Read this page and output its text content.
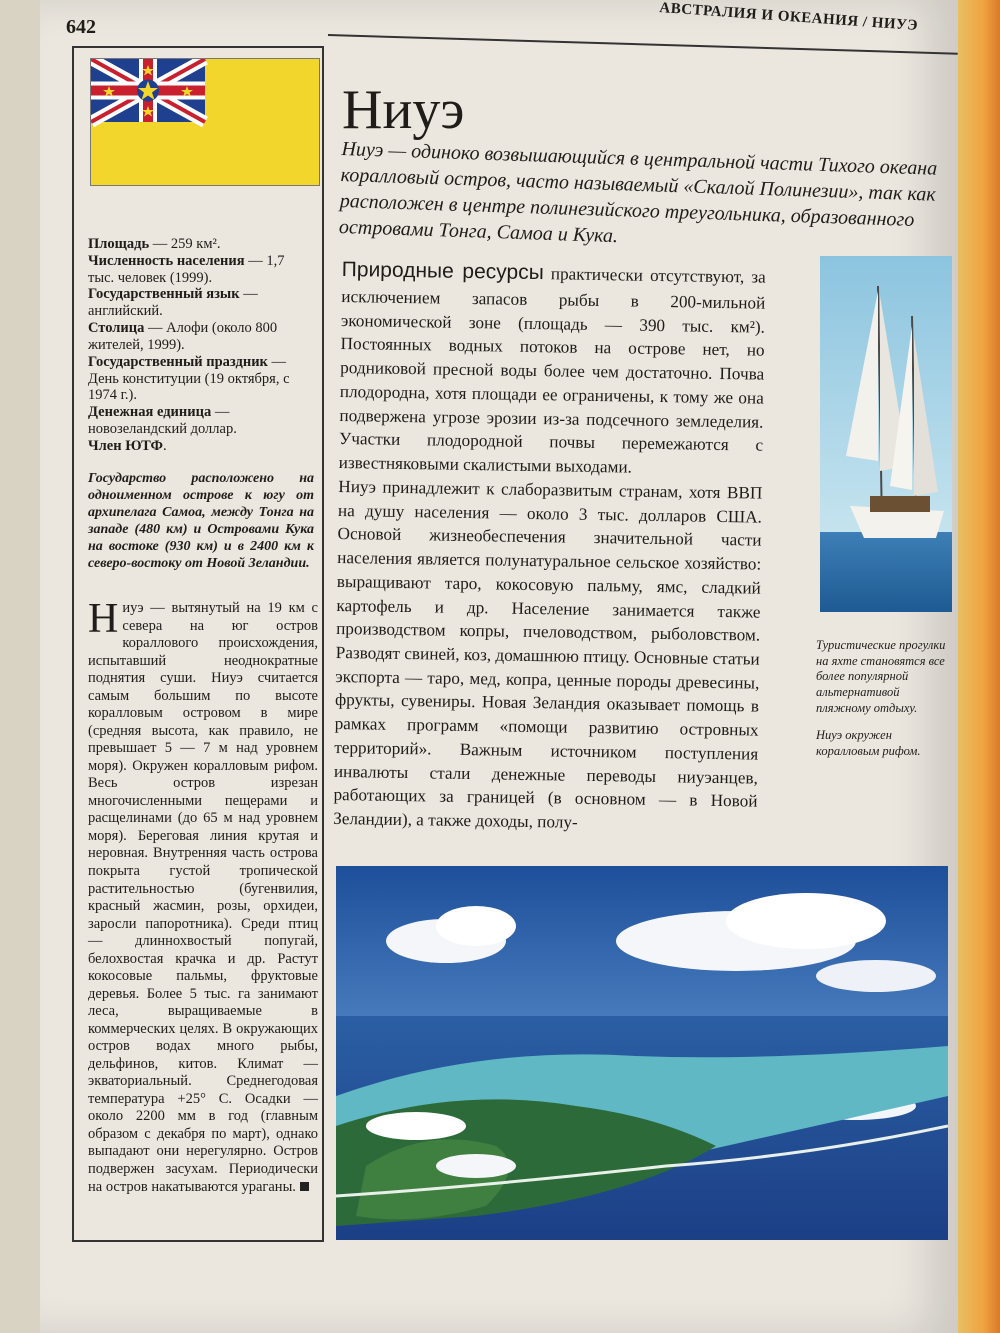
642	АВСТРАЛИЯ И ОКЕАНИЯ / НИУЭ
Площадь — 259 км².
Численность населения — 1,7 тыс. человек (1999).
Государственный язык — английский.
Столица — Алофи (около 800 жителей, 1999).
Государственный праздник — День конституции (19 октября, с 1974 г.).
Денежная единица — новозеландский доллар.
Член ЮТФ.
Государство расположено на одноименном острове к югу от архипелага Самоа, между Тонга на западе (480 км) и Островами Кука на востоке (930 км) и в 2400 км к северо-востоку от Новой Зеландии.
Ниуэ — вытянутый на 19 км с севера на юг остров кораллового происхождения, испытавший неоднократные поднятия суши. Ниуэ считается самым большим по высоте коралловым островом в мире (средняя высота, как правило, не превышает 5 — 7 м над уровнем моря). Окружен коралловым рифом. Весь остров изрезан многочисленными пещерами и расщелинами (до 65 м над уровнем моря). Береговая линия крутая и неровная. Внутренняя часть острова покрыта густой тропической растительностью (бугенвилия, красный жасмин, розы, орхидеи, заросли папоротника). Среди птиц — длиннохвостый попугай, белохвостая крачка и др. Растут кокосовые пальмы, фруктовые деревья. Более 5 тыс. га занимают леса, выращиваемые в коммерческих целях. В окружающих остров водах много рыбы, дельфинов, китов. Климат — экваториальный. Среднегодовая температура +25° С. Осадки — около 2200 мм в год (главным образом с декабря по март), однако выпадают они нерегулярно. Остров подвержен засухам. Периодически на остров накатываются ураганы.
Ниуэ
Ниуэ — одиноко возвышающийся в центральной части Тихого океана коралловый остров, часто называемый «Скалой Полинезии», так как расположен в центре полинезийского треугольника, образованного островами Тонга, Самоа и Кука.

Природные ресурсы практически отсутствуют, за исключением запасов рыбы в 200-мильной экономической зоне (площадь — 390 тыс. км²). Постоянных водных потоков на острове нет, но родниковой пресной воды более чем достаточно. Почва плодородна, хотя площади ее ограничены, к тому же она подвержена угрозе эрозии из-за подсечного земледелия. Участки плодородной почвы перемежаются с известняковыми скалистыми выходами.

Ниуэ принадлежит к слаборазвитым странам, хотя ВВП на душу населения — около 3 тыс. долларов США. Основой жизнеобеспечения значительной части населения является полунатуральное сельское хозяйство: выращивают таро, кокосовую пальму, ямс, сладкий картофель и др. Население занимается также производством копры, пчеловодством, рыболовством. Разводят свиней, коз, домашнюю птицу. Основные статьи экспорта — таро, мед, копра, ценные породы древесины, фрукты, сувениры. Новая Зеландия оказывает помощь в рамках программ «помощи развитию островных территорий». Важным источником поступления инвалюты стали денежные переводы ниуэанцев, работающих за границей (в основном — в Новой Зеландии), а также доходы, полу-

Туристические прогулки на яхте становятся все более популярной альтернативой пляжному отдыху.

Ниуэ окружен коралловым рифом.
